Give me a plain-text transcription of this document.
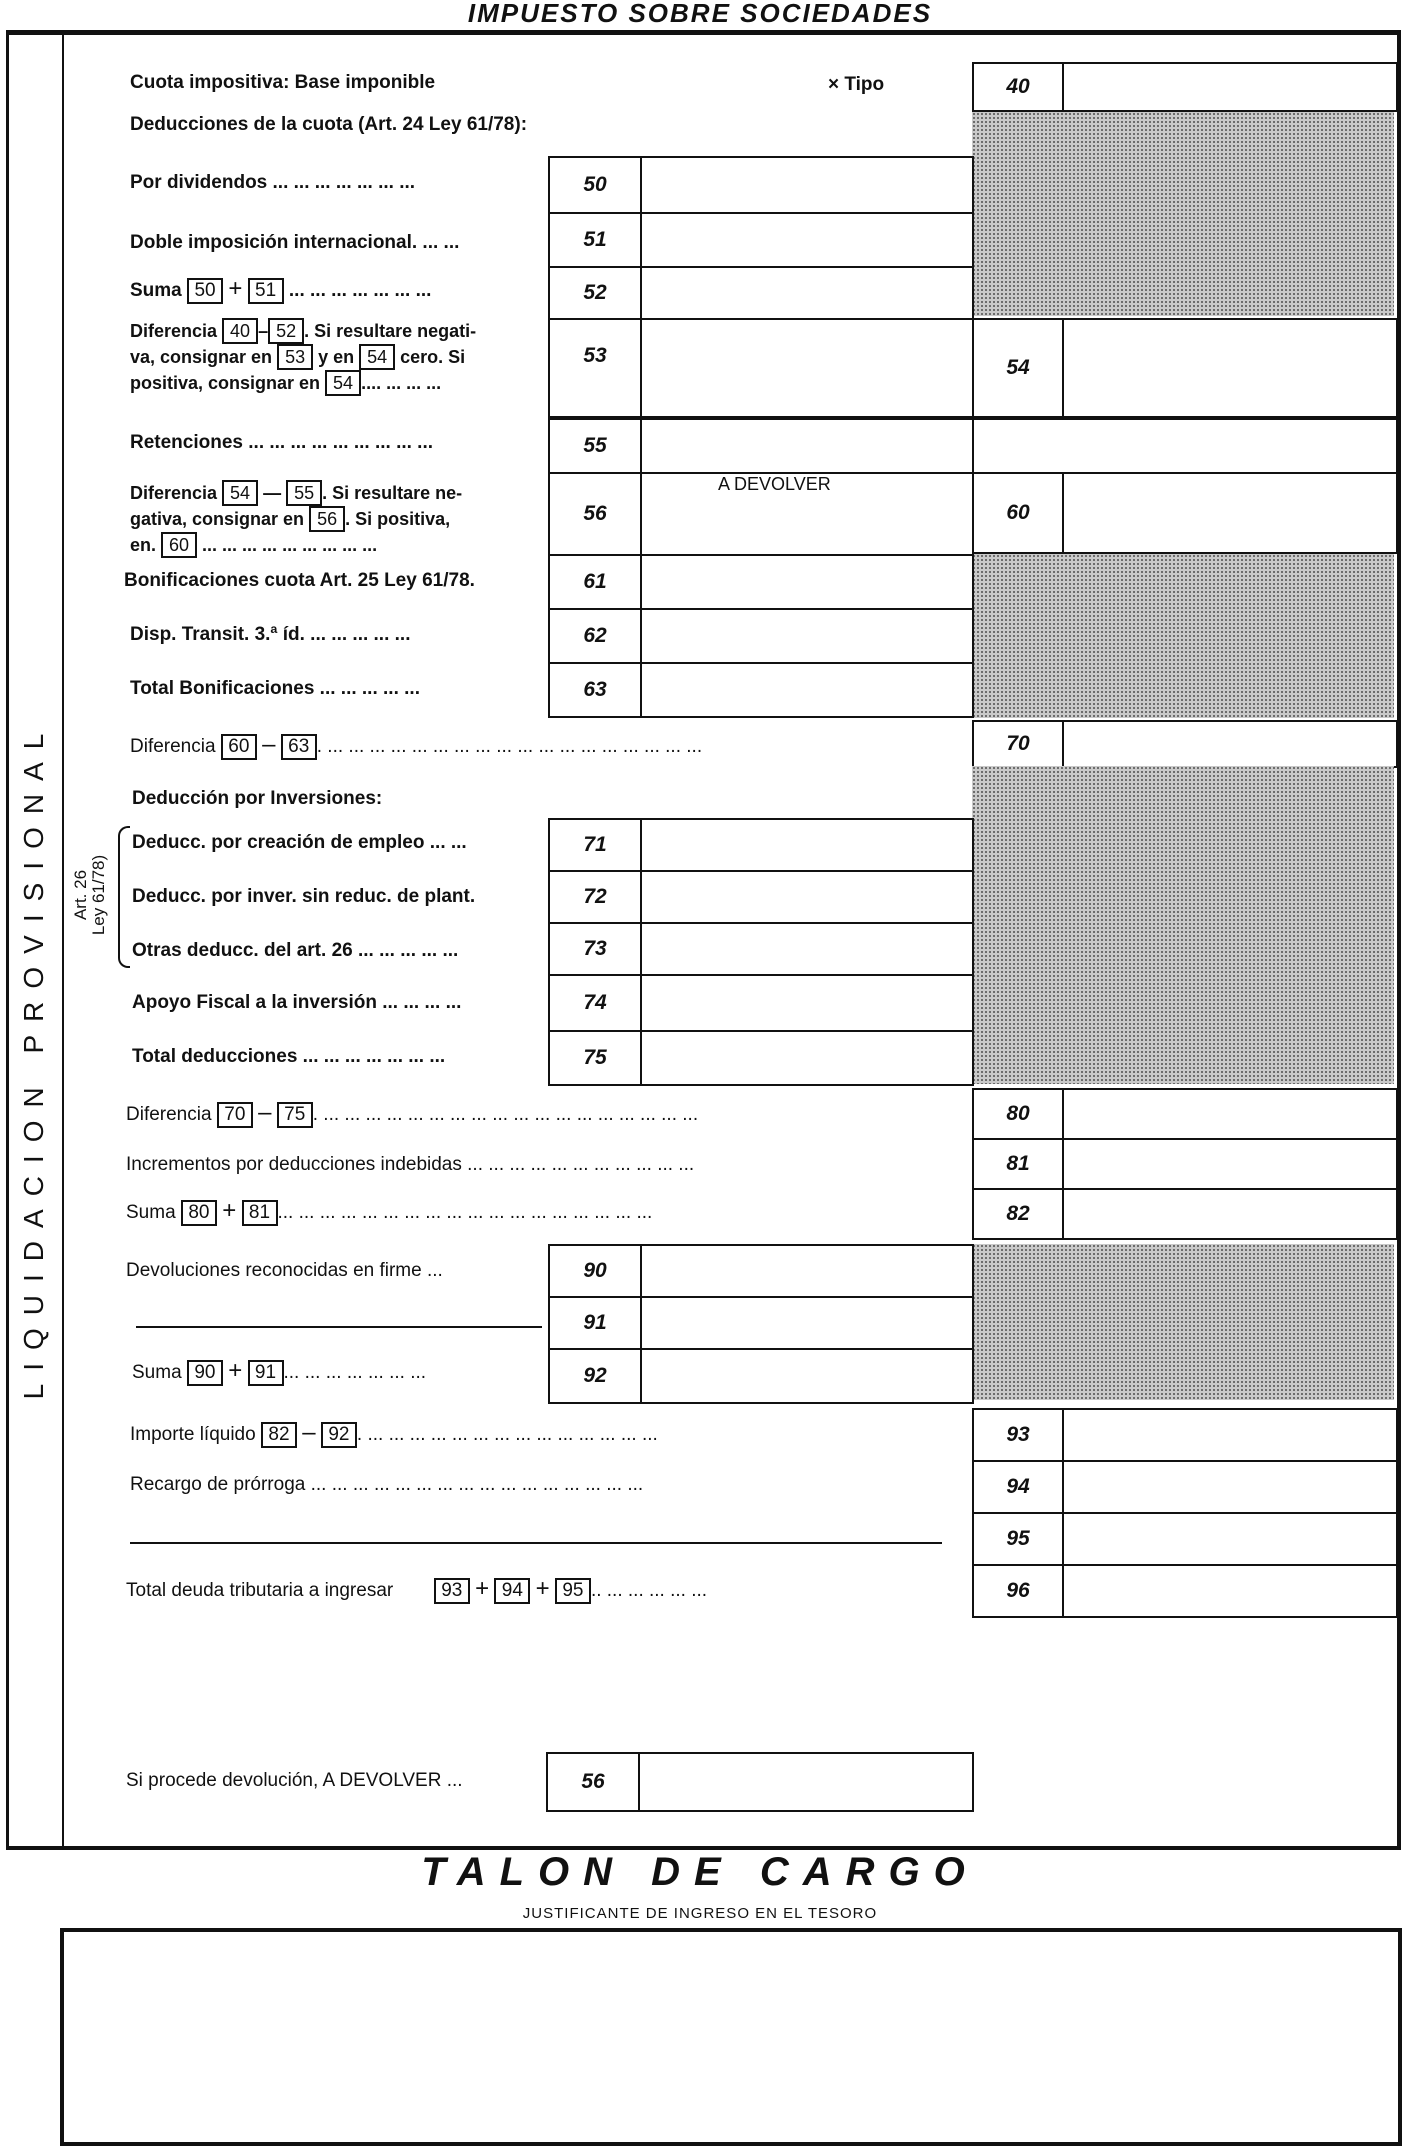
IMPUESTO SOBRE SOCIEDADES
LIQUIDACION PROVISIONAL
40
54
60
70
80
81
82
93
94
95
96
50
51
52
53
55
56
A DEVOLVER
61
62
63
71
72
73
74
75
90
91
92
56
Cuota impositiva: Base imponible	× Tipo
Deducciones de la cuota (Art. 24 Ley 61/78):
Por dividendos ... ... ... ... ... ... ...
Doble imposición internacional. ... ...
Suma 50 + 51 ... ... ... ... ... ... ...
Diferencia 40 – 52 . Si resultare negati-
va, consignar en 53 y en 54 cero. Si
positiva, consignar en 54 .... ... ... ...
Retenciones ... ... ... ... ... ... ... ... ...
Diferencia 54 — 55 . Si resultare ne-
gativa, consignar en 56 . Si positiva,
en. 60 ... ... ... ... ... ... ... ... ...
Bonificaciones cuota Art. 25 Ley 61/78.
Disp. Transit. 3.ª íd. ... ... ... ... ...
Total Bonificaciones ... ... ... ... ...
Diferencia 60 – 63 . ... ... ... ... ... ... ... ... ... ... ... ... ... ... ... ... ... ...
Deducción por Inversiones:
Art. 26 Ley 61/78)
Deducc. por creación de empleo ... ...
Deducc. por inver. sin reduc. de plant.
Otras deducc. del art. 26 ... ... ... ... ...
Apoyo Fiscal a la inversión ... ... ... ...
Total deducciones ... ... ... ... ... ... ...
Diferencia 70 – 75 . ... ... ... ... ... ... ... ... ... ... ... ... ... ... ... ... ... ...
Incrementos por deducciones indebidas ... ... ... ... ... ... ... ... ... ... ...
Suma 80 + 81 ... ... ... ... ... ... ... ... ... ... ... ... ... ... ... ... ... ...
Devoluciones reconocidas en firme ...
Suma 90 + 91 ... ... ... ... ... ... ...
Importe líquido 82 – 92 . ... ... ... ... ... ... ... ... ... ... ... ... ... ...
Recargo de prórroga ... ... ... ... ... ... ... ... ... ... ... ... ... ... ... ...
Total deuda tributaria a ingresar	93 + 94 + 95 .. ... ... ... ... ...
Si procede devolución, A DEVOLVER ...
TALON DE CARGO
JUSTIFICANTE DE INGRESO EN EL TESORO
